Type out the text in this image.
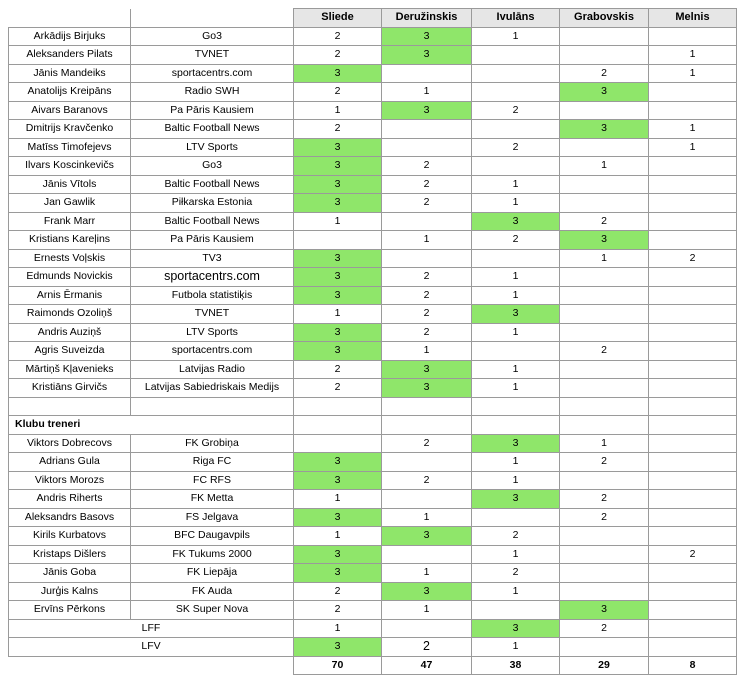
		Sliede	Deružinskis	Ivulāns	Grabovskis	Melnis
Arkādijs Birjuks	Go3	2	3	1		
Aleksanders Pilats	TVNET	2	3			1
Jānis Mandeiks	sportacentrs.com	3			2	1
Anatolijs Kreipāns	Radio SWH	2	1		3	
Aivars Baranovs	Pa Pāris Kausiem	1	3	2		
Dmitrijs Kravčenko	Baltic Football News	2			3	1
Matīss Timofejevs	LTV Sports	3		2		1
Ilvars Koscinkevičs	Go3	3	2		1	
Jānis Vītols	Baltic Football News	3	2	1		
Jan Gawlik	Piłkarska Estonia	3	2	1		
Frank Marr	Baltic Football News	1		3	2	
Kristians Kareļins	Pa Pāris Kausiem		1	2	3	
Ernests Voļskis	TV3	3			1	2
Edmunds Novickis	sportacentrs.com	3	2	1		
Arnis Ērmanis	Futbola statistiķis	3	2	1		
Raimonds Ozoliņš	TVNET	1	2	3		
Andris Auziņš	LTV Sports	3	2	1		
Agris Suveizda	sportacentrs.com	3	1		2	
Mārtiņš Kļavenieks	Latvijas Radio	2	3	1		
Kristiāns Girvičs	Latvijas Sabiedriskais Medijs	2	3	1		

Klubu treneri						
Viktors Dobrecovs	FK Grobiņa		2	3	1	
Adrians Gula	Riga FC	3		1	2	
Viktors Morozs	FC RFS	3	2	1		
Andris Riherts	FK Metta	1		3	2	
Aleksandrs Basovs	FS Jelgava	3	1		2	
Kirils Kurbatovs	BFC Daugavpils	1	3	2		
Kristaps Dišlers	FK Tukums 2000	3		1		2
Jānis Goba	FK Liepāja	3	1	2		
Jurģis Kalns	FK Auda	2	3	1		
Ervīns Pērkons	SK Super Nova	2	1		3	
LFF		1		3	2	
LFV		3	2	1		
		70	47	38	29	8
